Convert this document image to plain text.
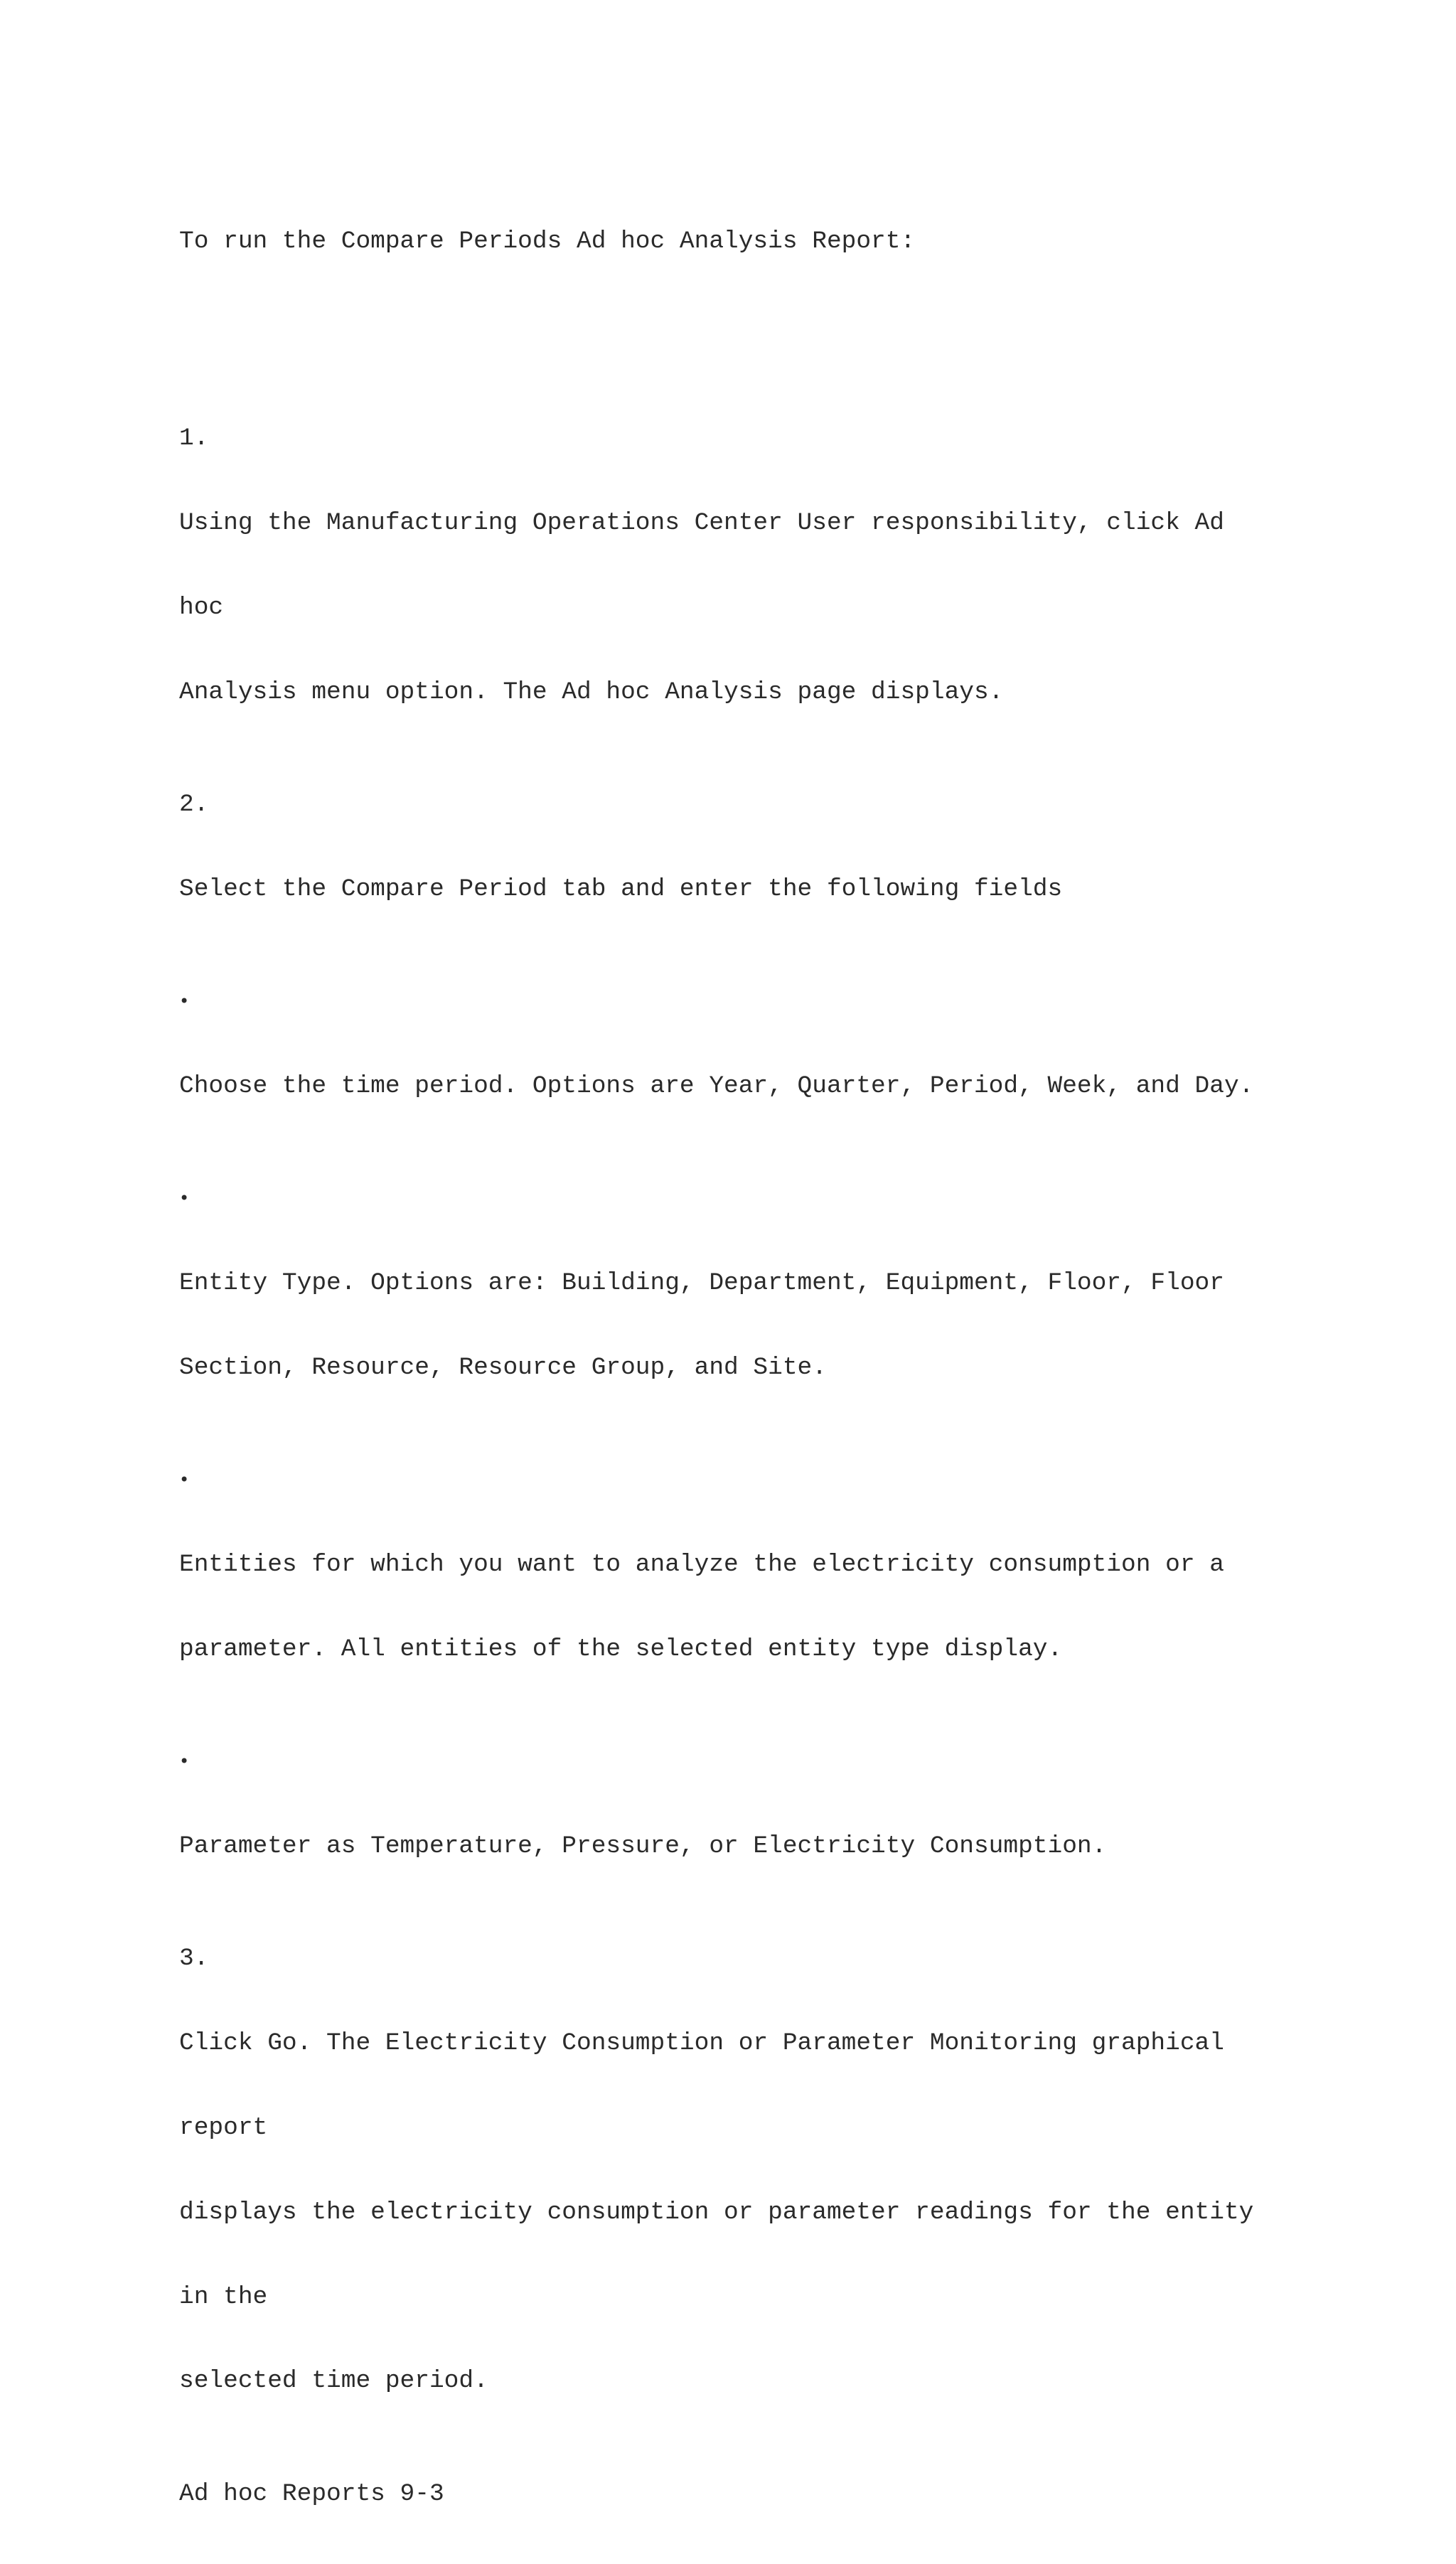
To run the Compare Periods Ad hoc Analysis Report:

1.

Using the Manufacturing Operations Center User responsibility, click Ad

hoc

Analysis menu option. The Ad hoc Analysis page displays.

2.

Select the Compare Period tab and enter the following fields

•

Choose the time period. Options are Year, Quarter, Period, Week, and Day.

•

Entity Type. Options are: Building, Department, Equipment, Floor, Floor

Section, Resource, Resource Group, and Site.

•

Entities for which you want to analyze the electricity consumption or a

parameter. All entities of the selected entity type display.

•

Parameter as Temperature, Pressure, or Electricity Consumption.

3.

Click Go. The Electricity Consumption or Parameter Monitoring graphical

report

displays the electricity consumption or parameter readings for the entity

in the

selected time period.

Ad hoc Reports 9-3
